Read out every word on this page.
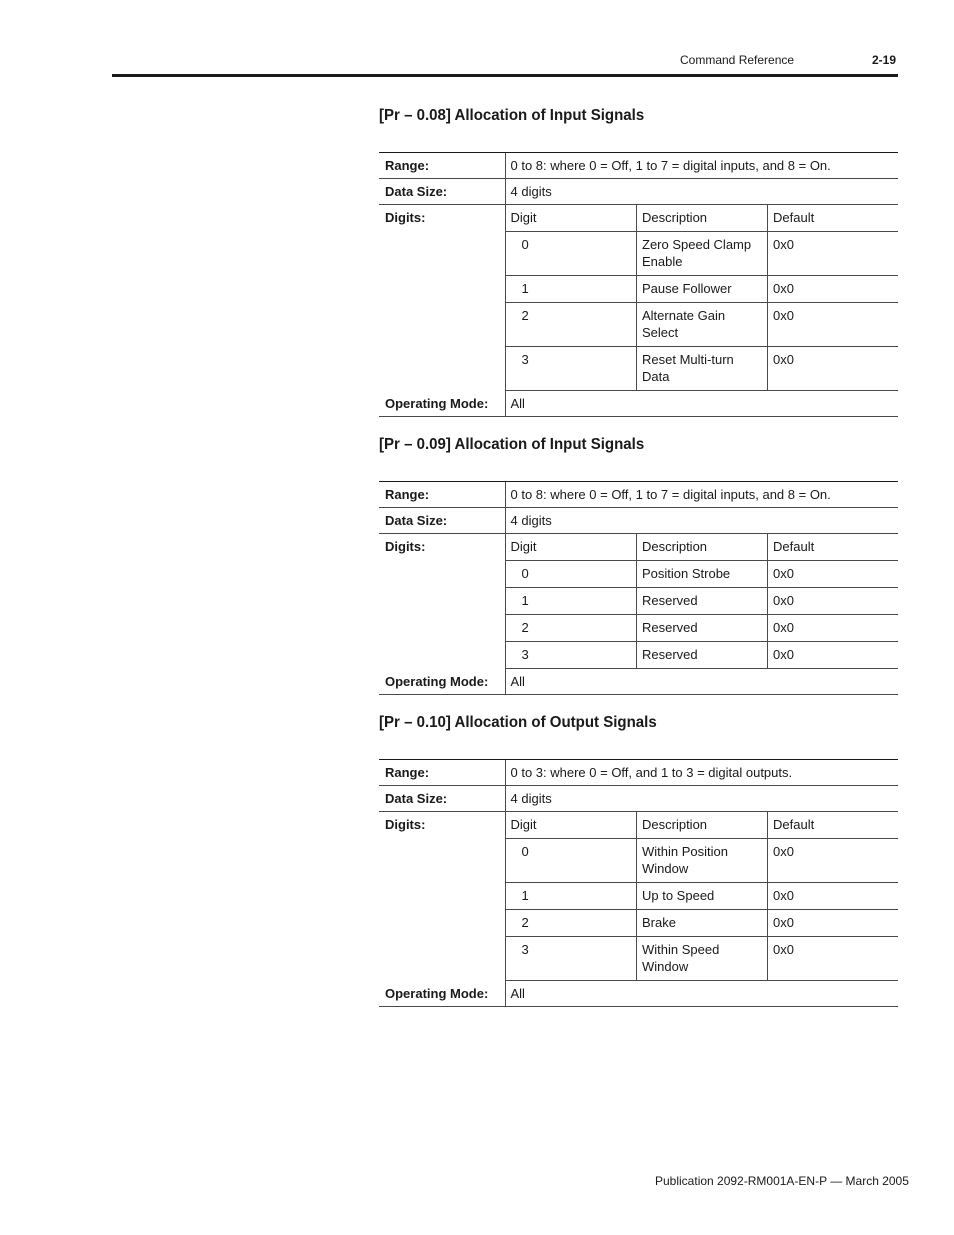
Command Reference	2-19
[Pr – 0.08] Allocation of Input Signals
Range:	0 to 8: where 0 = Off, 1 to 7 = digital inputs, and 8 = On.

Data Size:	4 digits

Digits:		Digit	Description	Default
0	Zero Speed Clamp Enable	0x0
1	Pause Follower	0x0
2	Alternate Gain Select	0x0
3	Reset Multi-turn Data	0x0

Operating Mode:	All
[Pr – 0.09] Allocation of Input Signals
Range:	0 to 8: where 0 = Off, 1 to 7 = digital inputs, and 8 = On.

Data Size:	4 digits

Digits:		Digit	Description	Default
0	Position Strobe	0x0
1	Reserved	0x0
2	Reserved	0x0
3	Reserved	0x0

Operating Mode:	All
[Pr – 0.10] Allocation of Output Signals
Range:	0 to 3: where 0 = Off, and 1 to 3 = digital outputs.

Data Size:	4 digits

Digits:		Digit	Description	Default
0	Within Position Window	0x0
1	Up to Speed	0x0
2	Brake	0x0
3	Within Speed Window	0x0

Operating Mode:	All
Publication 2092-RM001A-EN-P — March 2005
